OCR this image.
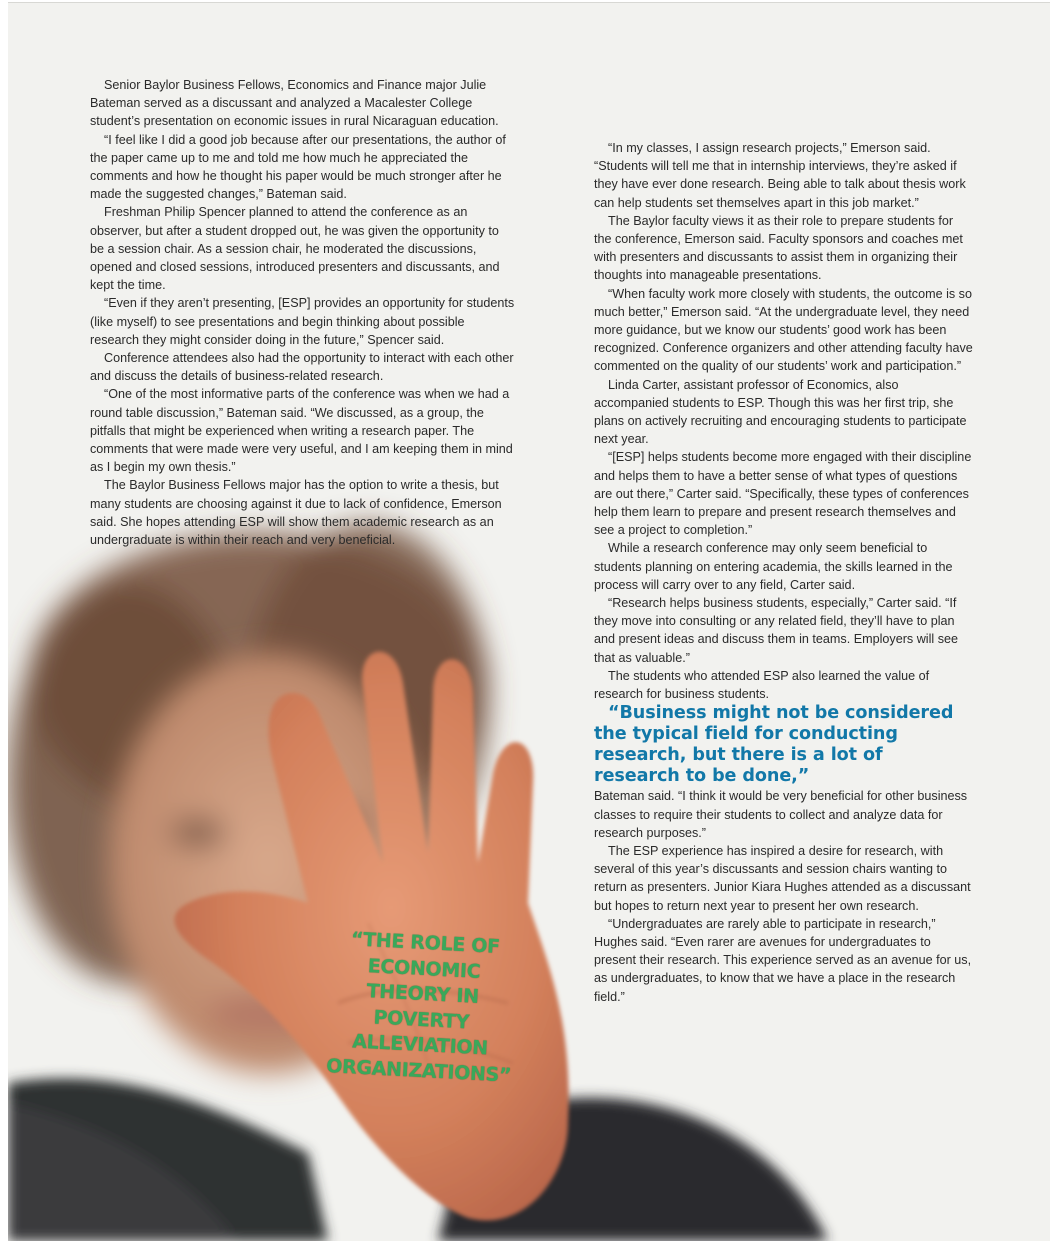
Senior Baylor Business Fellows, Economics and Finance major Julie Bateman served as a discussant and analyzed a Macalester College student’s presentation on economic issues in rural Nicaraguan education.

“I feel like I did a good job because after our presentations, the author of the paper came up to me and told me how much he appreciated the comments and how he thought his paper would be much stronger after he made the suggested changes,” Bateman said.

Freshman Philip Spencer planned to attend the conference as an observer, but after a student dropped out, he was given the opportunity to be a session chair. As a session chair, he moderated the discussions, opened and closed sessions, introduced presenters and discussants, and kept the time.

“Even if they aren’t presenting, [ESP] provides an opportunity for students (like myself) to see presentations and begin thinking about possible research they might consider doing in the future,” Spencer said.

Conference attendees also had the opportunity to interact with each other and discuss the details of business-related research.

“One of the most informative parts of the conference was when we had a round table discussion,” Bateman said. “We discussed, as a group, the pitfalls that might be experienced when writing a research paper. The comments that were made were very useful, and I am keeping them in mind as I begin my own thesis.”

The Baylor Business Fellows major has the option to write a thesis, but many students are choosing against it due to lack of confidence, Emerson said. She hopes attending ESP will show them academic research as an undergraduate is within their reach and very beneficial.

“In my classes, I assign research projects,” Emerson said. “Students will tell me that in internship interviews, they’re asked if they have ever done research. Being able to talk about thesis work can help students set themselves apart in this job market.”

The Baylor faculty views it as their role to prepare students for the conference, Emerson said. Faculty sponsors and coaches met with presenters and discussants to assist them in organizing their thoughts into manageable presentations.

“When faculty work more closely with students, the outcome is so much better,” Emerson said. “At the undergraduate level, they need more guidance, but we know our students’ good work has been recognized. Conference organizers and other attending faculty have commented on the quality of our students’ work and participation.”

Linda Carter, assistant professor of Economics, also accompanied students to ESP. Though this was her first trip, she plans on actively recruiting and encouraging students to participate next year.

“[ESP] helps students become more engaged with their discipline and helps them to have a better sense of what types of questions are out there,” Carter said. “Specifically, these types of conferences help them learn to prepare and present research themselves and see a project to completion.”

While a research conference may only seem beneficial to students planning on entering academia, the skills learned in the process will carry over to any field, Carter said.

“Research helps business students, especially,” Carter said. “If they move into consulting or any related field, they’ll have to plan and present ideas and discuss them in teams. Employers will see that as valuable.”

The students who attended ESP also learned the value of research for business students.

“Business might not be considered the typical field for conducting research, but there is a lot of research to be done,”

Bateman said. “I think it would be very beneficial for other business classes to require their students to collect and analyze data for research purposes.”

The ESP experience has inspired a desire for research, with several of this year’s discussants and session chairs wanting to return as presenters. Junior Kiara Hughes attended as a discussant but hopes to return next year to present her own research.

“Undergraduates are rarely able to participate in research,” Hughes said. “Even rarer are avenues for undergraduates to present their research. This experience served as an avenue for us, as undergraduates, to know that we have a place in the research field.”

“THE ROLE OF
ECONOMIC
THEORY IN
POVERTY
ALLEVIATION
ORGANIZATIONS”
